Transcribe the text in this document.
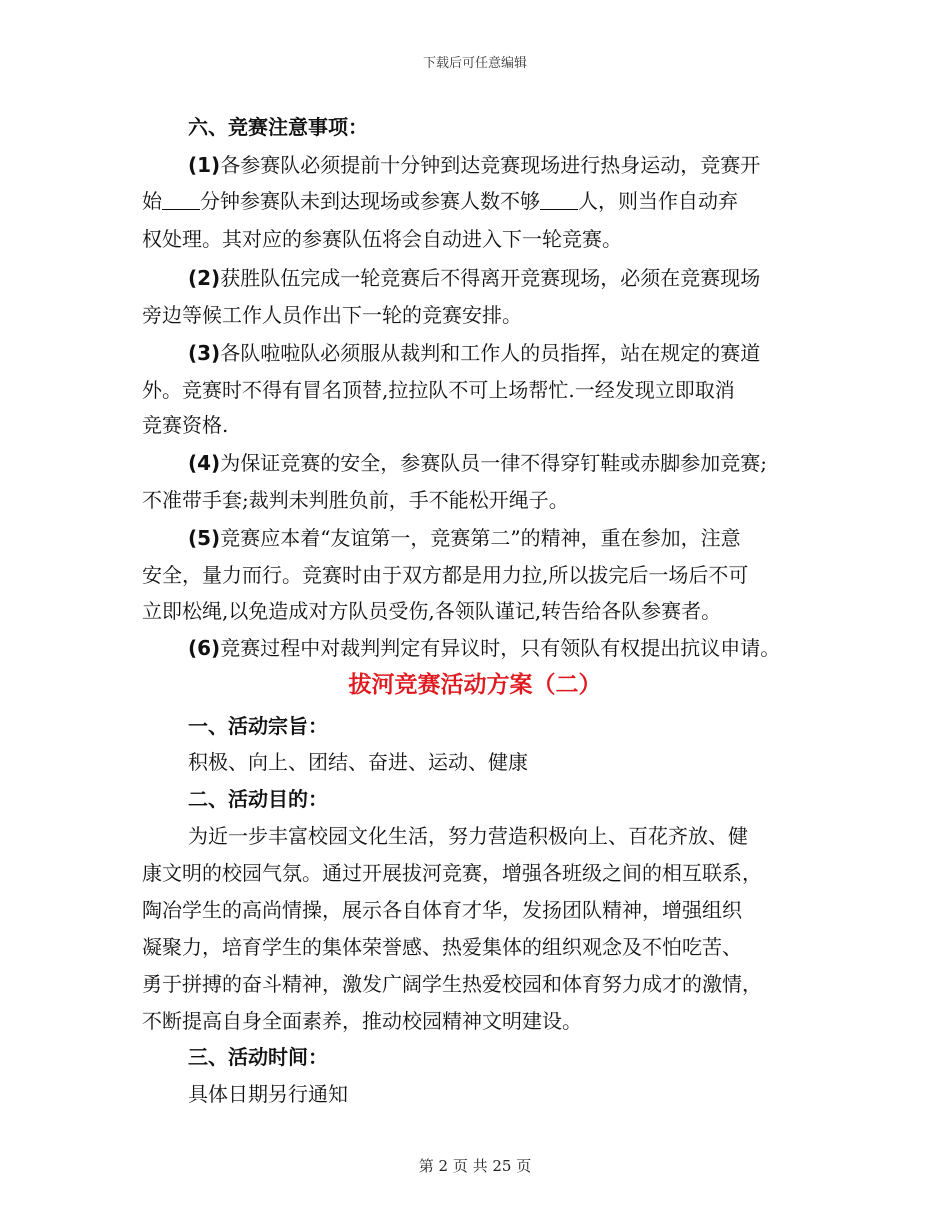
下载后可任意编辑
六、竞赛注意事项：
(1)各参赛队必须提前十分钟到达竞赛现场进行热身运动，竞赛开
始 分钟参赛队未到达现场或参赛人数不够 人，则当作自动弃
权处理。其对应的参赛队伍将会自动进入下一轮竞赛。
(2)获胜队伍完成一轮竞赛后不得离开竞赛现场，必须在竞赛现场
旁边等候工作人员作出下一轮的竞赛安排。
(3)各队啦啦队必须服从裁判和工作人的员指挥，站在规定的赛道
外。竞赛时不得有冒名顶替,拉拉队不可上场帮忙.一经发现立即取消
竞赛资格.
(4)为保证竞赛的安全，参赛队员一律不得穿钉鞋或赤脚参加竞赛;
不准带手套;裁判未判胜负前，手不能松开绳子。
(5)竞赛应本着“友谊第一，竞赛第二”的精神，重在参加，注意
安全，量力而行。竞赛时由于双方都是用力拉,所以拔完后一场后不可
立即松绳,以免造成对方队员受伤,各领队谨记,转告给各队参赛者。
(6)竞赛过程中对裁判判定有异议时，只有领队有权提出抗议申请。
拔河竞赛活动方案（二）
一、活动宗旨：
积极、向上、团结、奋进、运动、健康
二、活动目的：
为近一步丰富校园文化生活，努力营造积极向上、百花齐放、健
康文明的校园气氛。通过开展拔河竞赛，增强各班级之间的相互联系，
陶冶学生的高尚情操，展示各自体育才华，发扬团队精神，增强组织
凝聚力，培育学生的集体荣誉感、热爱集体的组织观念及不怕吃苦、
勇于拼搏的奋斗精神，激发广阔学生热爱校园和体育努力成才的激情，
不断提高自身全面素养，推动校园精神文明建设。
三、活动时间：
具体日期另行通知
第 2 页 共 25 页
